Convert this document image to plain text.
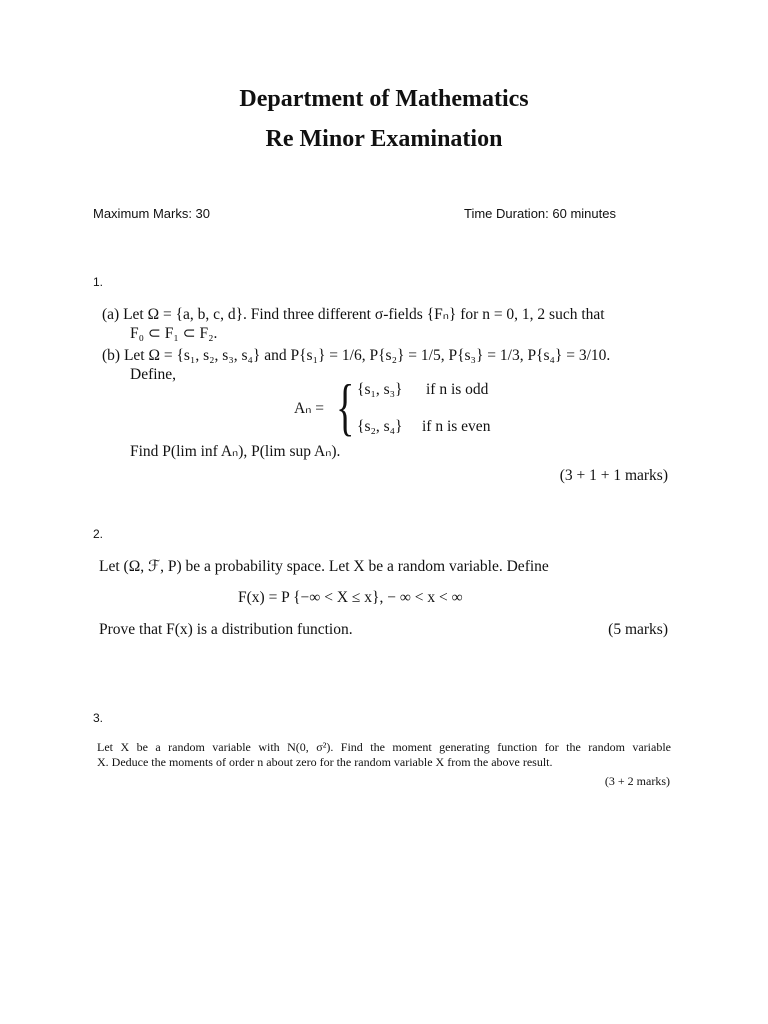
Department of Mathematics
Re Minor Examination
Maximum Marks: 30	Time Duration: 60 minutes
1.
(a) Let Ω = {a, b, c, d}. Find three different σ-fields {Fₙ} for n = 0, 1, 2 such that
F₀ ⊂ F₁ ⊂ F₂.
(b) Let Ω = {s₁, s₂, s₃, s₄} and P{s₁} = 1/6, P{s₂} = 1/5, P{s₃} = 1/3, P{s₄} = 3/10.
Define,
Aₙ = { {s₁, s₃} if n is odd
{s₂, s₄} if n is even
Find P(lim inf Aₙ), P(lim sup Aₙ).
(3 + 1 + 1 marks)
2.
Let (Ω, ℱ, P) be a probability space. Let X be a random variable. Define
F(x) = P {−∞ < X ≤ x}, − ∞ < x < ∞
Prove that F(x) is a distribution function.	(5 marks)
3.
Let X be a random variable with N(0, σ²). Find the moment generating function for the random variable
X. Deduce the moments of order n about zero for the random variable X from the above result.
(3 + 2 marks)
